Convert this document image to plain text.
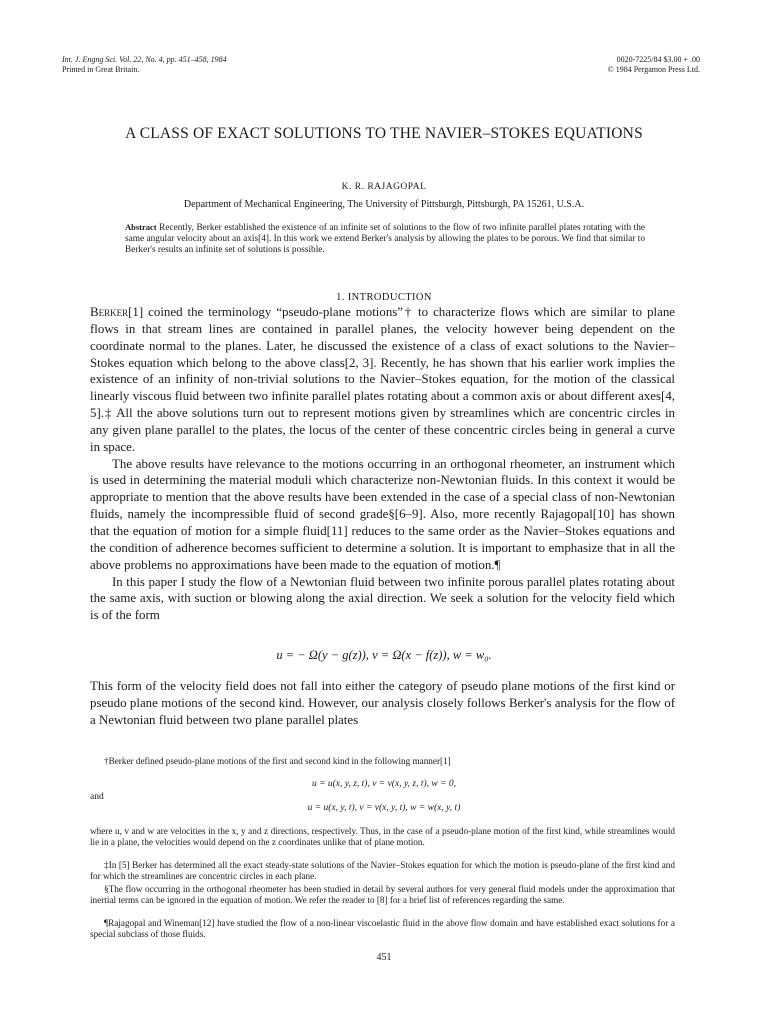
Int. J. Engng Sci. Vol. 22, No. 4, pp. 451–458, 1984
Printed in Great Britain.
0020-7225/84 $3.00 + .00
© 1984 Pergamon Press Ltd.
A CLASS OF EXACT SOLUTIONS TO THE NAVIER–STOKES EQUATIONS
K. R. RAJAGOPAL
Department of Mechanical Engineering, The University of Pittsburgh, Pittsburgh, PA 15261, U.S.A.
Abstract Recently, Berker established the existence of an infinite set of solutions to the flow of two infinite parallel plates rotating with the same angular velocity about an axis[4]. In this work we extend Berker's analysis by allowing the plates to be porous. We find that similar to Berker's results an infinite set of solutions is possible.
1. INTRODUCTION

Berker[1] coined the terminology “pseudo-plane motions”† to characterize flows which are similar to plane flows in that stream lines are contained in parallel planes, the velocity however being dependent on the coordinate normal to the planes. Later, he discussed the existence of a class of exact solutions to the Navier–Stokes equation which belong to the above class[2, 3]. Recently, he has shown that his earlier work implies the existence of an infinity of non-trivial solutions to the Navier–Stokes equation, for the motion of the classical linearly viscous fluid between two infinite parallel plates rotating about a common axis or about different axes[4, 5].‡ All the above solutions turn out to represent motions given by streamlines which are concentric circles in any given plane parallel to the plates, the locus of the center of these concentric circles being in general a curve in space.

The above results have relevance to the motions occurring in an orthogonal rheometer, an instrument which is used in determining the material moduli which characterize non-Newtonian fluids. In this context it would be appropriate to mention that the above results have been extended in the case of a special class of non-Newtonian fluids, namely the incompressible fluid of second grade§[6–9]. Also, more recently Rajagopal[10] has shown that the equation of motion for a simple fluid[11] reduces to the same order as the Navier–Stokes equations and the condition of adherence becomes sufficient to determine a solution. It is important to emphasize that in all the above problems no approximations have been made to the equation of motion.¶

In this paper I study the flow of a Newtonian fluid between two infinite porous parallel plates rotating about the same axis, with suction or blowing along the axial direction. We seek a solution for the velocity field which is of the form

u = − Ω(y − g(z)), v = Ω(x − f(z)), w = w₀.
This form of the velocity field does not fall into either the category of pseudo plane motions of the first kind or pseudo plane motions of the second kind. However, our analysis closely follows Berker's analysis for the flow of a Newtonian fluid between two plane parallel plates
†Berker defined pseudo-plane motions of the first and second kind in the following manner[1]
u = u(x, y, z, t), v = v(x, y, z, t), w = 0,
and
u = u(x, y, t), v = v(x, y, t), w = w(x, y, t)
where u, v and w are velocities in the x, y and z directions, respectively. Thus, in the case of a pseudo-plane motion of the first kind, while streamlines would lie in a plane, the velocities would depend on the z coordinates unlike that of plane motion.
‡In [5] Berker has determined all the exact steady-state solutions of the Navier–Stokes equation for which the motion is pseudo-plane of the first kind and for which the streamlines are concentric circles in each plane.
§The flow occurring in the orthogonal rheometer has been studied in detail by several authors for very general fluid models under the approximation that inertial terms can be ignored in the equation of motion. We refer the reader to [8] for a brief list of references regarding the same.
¶Rajagopal and Wineman[12] have studied the flow of a non-linear viscoelastic fluid in the above flow domain and have established exact solutions for a special subclass of those fluids.
451
